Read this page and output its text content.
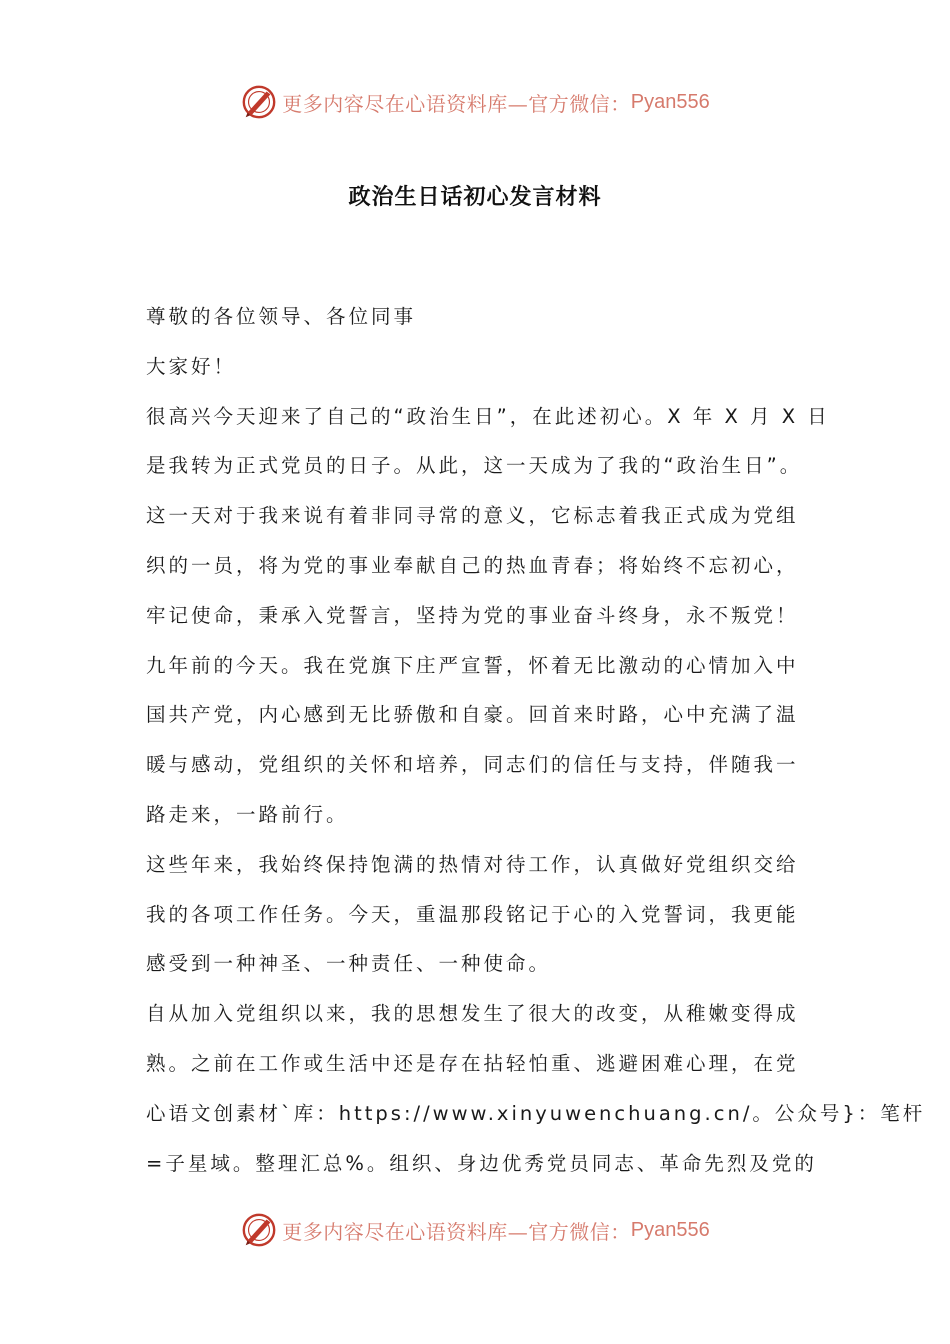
更多内容尽在心语资料库—官方微信： Pyan556
政治生日话初心发言材料
尊敬的各位领导、各位同事
大家好！
很高兴今天迎来了自己的“政治生日”，在此述初心。X 年 X 月 X 日
是我转为正式党员的日子。从此，这一天成为了我的“政治生日”。
这一天对于我来说有着非同寻常的意义，它标志着我正式成为党组
织的一员，将为党的事业奉献自己的热血青春；将始终不忘初心，
牢记使命，秉承入党誓言，坚持为党的事业奋斗终身，永不叛党！
九年前的今天。我在党旗下庄严宣誓，怀着无比激动的心情加入中
国共产党，内心感到无比骄傲和自豪。回首来时路，心中充满了温
暖与感动，党组织的关怀和培养，同志们的信任与支持，伴随我一
路走来，一路前行。
这些年来，我始终保持饱满的热情对待工作，认真做好党组织交给
我的各项工作任务。今天，重温那段铭记于心的入党誓词，我更能
感受到一种神圣、一种责任、一种使命。
自从加入党组织以来，我的思想发生了很大的改变，从稚嫩变得成
熟。之前在工作或生活中还是存在拈轻怕重、逃避困难心理，在党
心语文创素材`库：https://www.xinyuwenchuang.cn/。公众号}：笔杆
=子星域。整理汇总%。组织、身边优秀党员同志、革命先烈及党的
更多内容尽在心语资料库—官方微信： Pyan556
